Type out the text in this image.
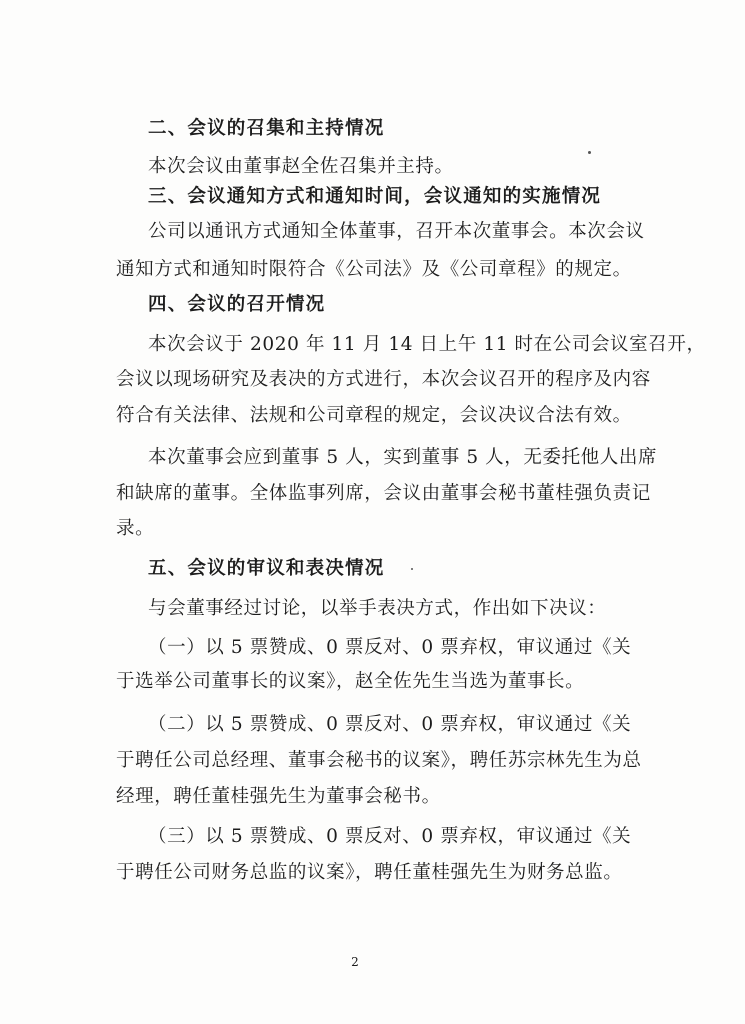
二、会议的召集和主持情况
本次会议由董事赵全佐召集并主持。
三、会议通知方式和通知时间，会议通知的实施情况
公司以通讯方式通知全体董事，召开本次董事会。本次会议
通知方式和通知时限符合《公司法》及《公司章程》的规定。
四、会议的召开情况
本次会议于 2020 年 11 月 14 日上午 11 时在公司会议室召开，
会议以现场研究及表决的方式进行，本次会议召开的程序及内容
符合有关法律、法规和公司章程的规定，会议决议合法有效。
本次董事会应到董事 5 人，实到董事 5 人，无委托他人出席
和缺席的董事。全体监事列席，会议由董事会秘书董桂强负责记
录。
五、会议的审议和表决情况
与会董事经过讨论，以举手表决方式，作出如下决议：
（一）以 5 票赞成、0 票反对、0 票弃权，审议通过《关
于选举公司董事长的议案》，赵全佐先生当选为董事长。
（二）以 5 票赞成、0 票反对、0 票弃权，审议通过《关
于聘任公司总经理、董事会秘书的议案》，聘任苏宗林先生为总
经理，聘任董桂强先生为董事会秘书。
（三）以 5 票赞成、0 票反对、0 票弃权，审议通过《关
于聘任公司财务总监的议案》，聘任董桂强先生为财务总监。
2
